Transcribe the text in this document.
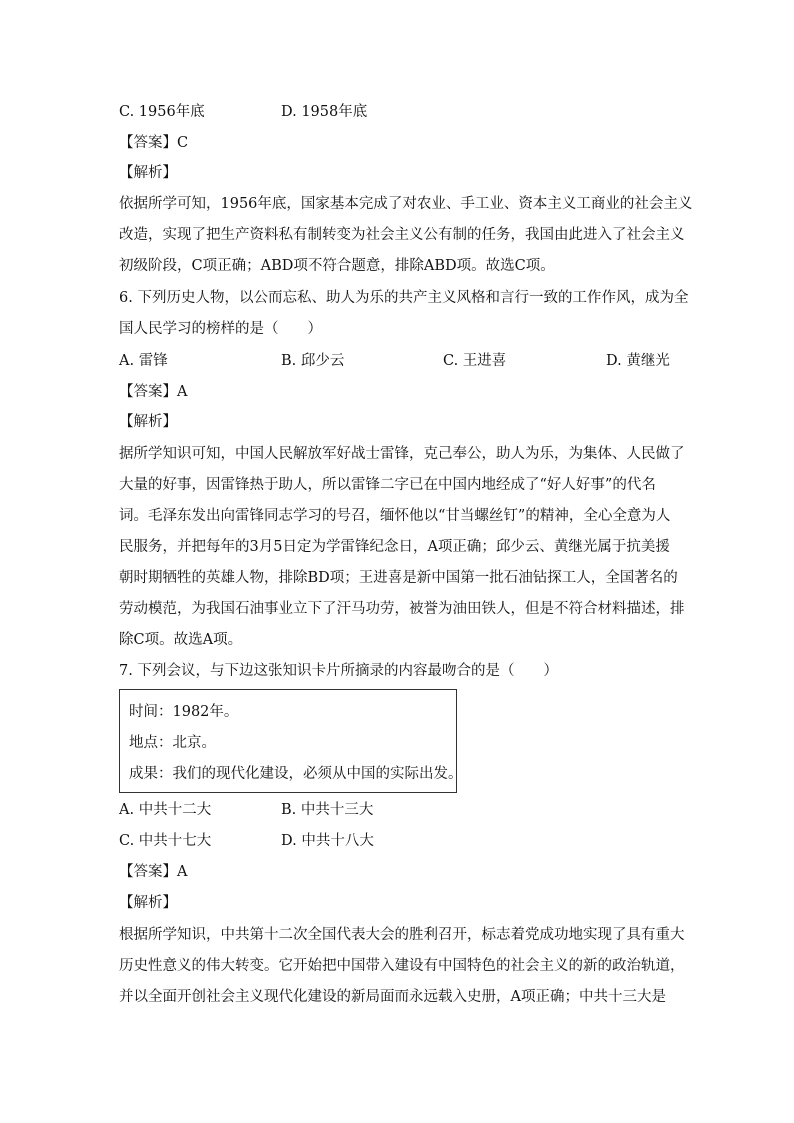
C. 1956年底	D. 1958年底
【答案】C
【解析】
依据所学可知，1956年底，国家基本完成了对农业、手工业、资本主义工商业的社会主义
改造，实现了把生产资料私有制转变为社会主义公有制的任务，我国由此进入了社会主义
初级阶段，C项正确；ABD项不符合题意，排除ABD项。故选C项。
6. 下列历史人物，以公而忘私、助人为乐的共产主义风格和言行一致的工作作风，成为全
国人民学习的榜样的是（　　）
A. 雷锋	B. 邱少云	C. 王进喜	D. 黄继光
【答案】A
【解析】
据所学知识可知，中国人民解放军好战士雷锋，克己奉公，助人为乐，为集体、人民做了
大量的好事，因雷锋热于助人，所以雷锋二字已在中国内地经成了“好人好事”的代名
词。毛泽东发出向雷锋同志学习的号召，缅怀他以“甘当螺丝钉”的精神，全心全意为人
民服务，并把每年的3月5日定为学雷锋纪念日，A项正确；邱少云、黄继光属于抗美援
朝时期牺牲的英雄人物，排除BD项；王进喜是新中国第一批石油钻探工人，全国著名的
劳动模范，为我国石油事业立下了汗马功劳，被誉为油田铁人，但是不符合材料描述，排
除C项。故选A项。
7. 下列会议，与下边这张知识卡片所摘录的内容最吻合的是（　　）
时间：1982年。
地点：北京。
成果：我们的现代化建设，必须从中国的实际出发。
A. 中共十二大	B. 中共十三大
C. 中共十七大	D. 中共十八大
【答案】A
【解析】
根据所学知识，中共第十二次全国代表大会的胜利召开，标志着党成功地实现了具有重大
历史性意义的伟大转变。它开始把中国带入建设有中国特色的社会主义的新的政治轨道，
并以全面开创社会主义现代化建设的新局面而永远载入史册，A项正确；中共十三大是
